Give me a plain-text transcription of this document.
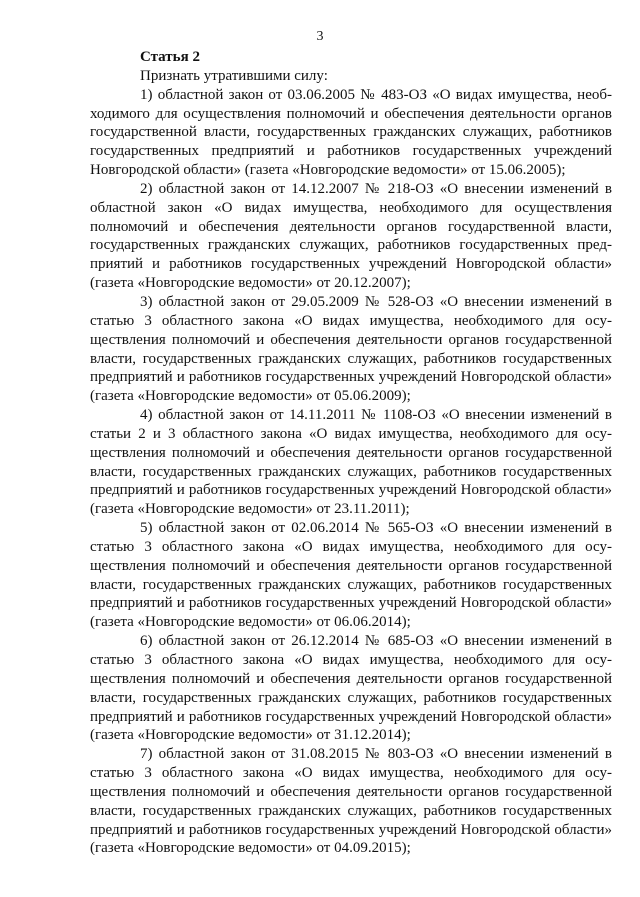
3

Статья 2

Признать утратившими силу:

1) областной закон от 03.06.2005 № 483-ОЗ «О видах имущества, необходимого для осуществления полномочий и обеспечения деятельности органов государственной власти, государственных гражданских служащих, работников государственных предприятий и работников государственных учреждений Новгородской области» (газета «Новгородские ведомости» от 15.06.2005);

2) областной закон от 14.12.2007 № 218-ОЗ «О внесении изменений в областной закон «О видах имущества, необходимого для осуществления полномочий и обеспечения деятельности органов государственной власти, государственных гражданских служащих, работников государственных предприятий и работников государственных учреждений Новгородской области» (газета «Новгородские ведомости» от 20.12.2007);

3) областной закон от 29.05.2009 № 528-ОЗ «О внесении изменений в статью 3 областного закона «О видах имущества, необходимого для осуществления полномочий и обеспечения деятельности органов государственной власти, государственных гражданских служащих, работников государственных предприятий и работников государственных учреждений Новгородской области» (газета «Новгородские ведомости» от 05.06.2009);

4) областной закон от 14.11.2011 № 1108-ОЗ «О внесении изменений в статьи 2 и 3 областного закона «О видах имущества, необходимого для осуществления полномочий и обеспечения деятельности органов государственной власти, государственных гражданских служащих, работников государственных предприятий и работников государственных учреждений Новгородской области» (газета «Новгородские ведомости» от 23.11.2011);

5) областной закон от 02.06.2014 № 565-ОЗ «О внесении изменений в статью 3 областного закона «О видах имущества, необходимого для осуществления полномочий и обеспечения деятельности органов государственной власти, государственных гражданских служащих, работников государственных предприятий и работников государственных учреждений Новгородской области» (газета «Новгородские ведомости» от 06.06.2014);

6) областной закон от 26.12.2014 № 685-ОЗ «О внесении изменений в статью 3 областного закона «О видах имущества, необходимого для осуществления полномочий и обеспечения деятельности органов государственной власти, государственных гражданских служащих, работников государственных предприятий и работников государственных учреждений Новгородской области» (газета «Новгородские ведомости» от 31.12.2014);

7) областной закон от 31.08.2015 № 803-ОЗ «О внесении изменений в статью 3 областного закона «О видах имущества, необходимого для осуществления полномочий и обеспечения деятельности органов государственной власти, государственных гражданских служащих, работников государственных предприятий и работников государственных учреждений Новгородской области» (газета «Новгородские ведомости» от 04.09.2015);
